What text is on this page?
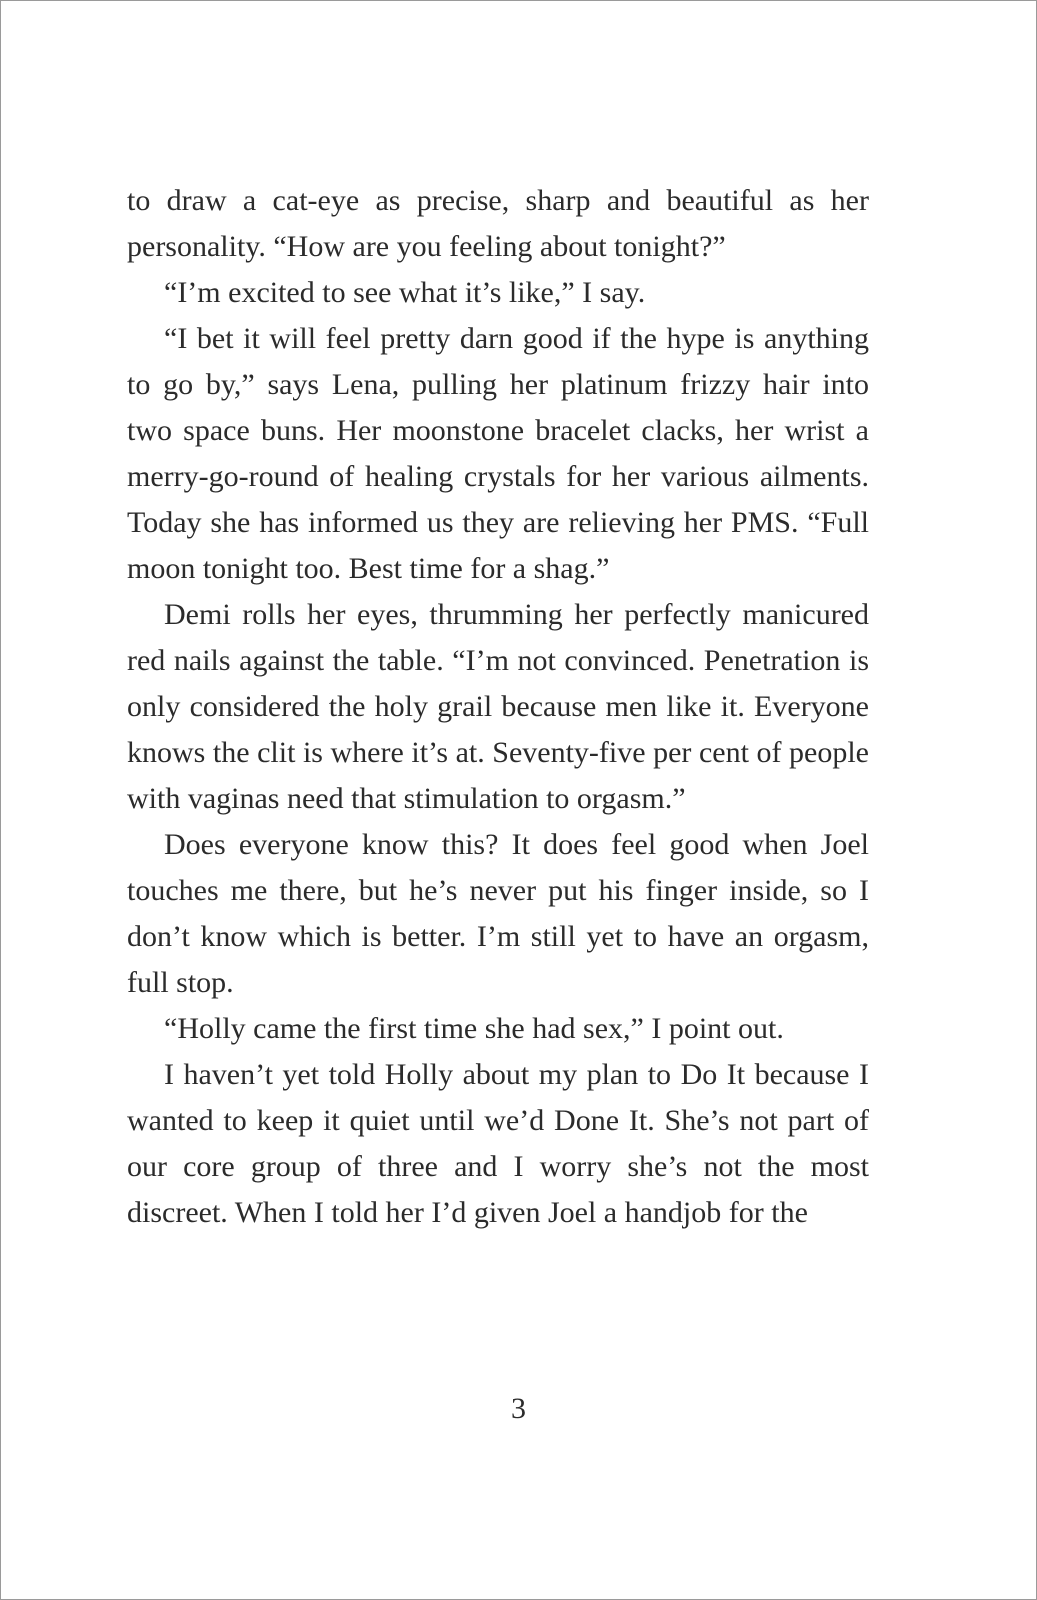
to draw a cat-eye as precise, sharp and beautiful as her personality. “How are you feeling about tonight?”

“I’m excited to see what it’s like,” I say.

“I bet it will feel pretty darn good if the hype is anything to go by,” says Lena, pulling her platinum frizzy hair into two space buns. Her moonstone bracelet clacks, her wrist a merry-go-round of healing crystals for her various ailments. Today she has informed us they are relieving her PMS. “Full moon tonight too. Best time for a shag.”

Demi rolls her eyes, thrumming her perfectly manicured red nails against the table. “I’m not convinced. Penetration is only considered the holy grail because men like it. Everyone knows the clit is where it’s at. Seventy-five per cent of people with vaginas need that stimulation to orgasm.”

Does everyone know this? It does feel good when Joel touches me there, but he’s never put his finger inside, so I don’t know which is better. I’m still yet to have an orgasm, full stop.

“Holly came the first time she had sex,” I point out.

I haven’t yet told Holly about my plan to Do It because I wanted to keep it quiet until we’d Done It. She’s not part of our core group of three and I worry she’s not the most discreet. When I told her I’d given Joel a handjob for the

3
